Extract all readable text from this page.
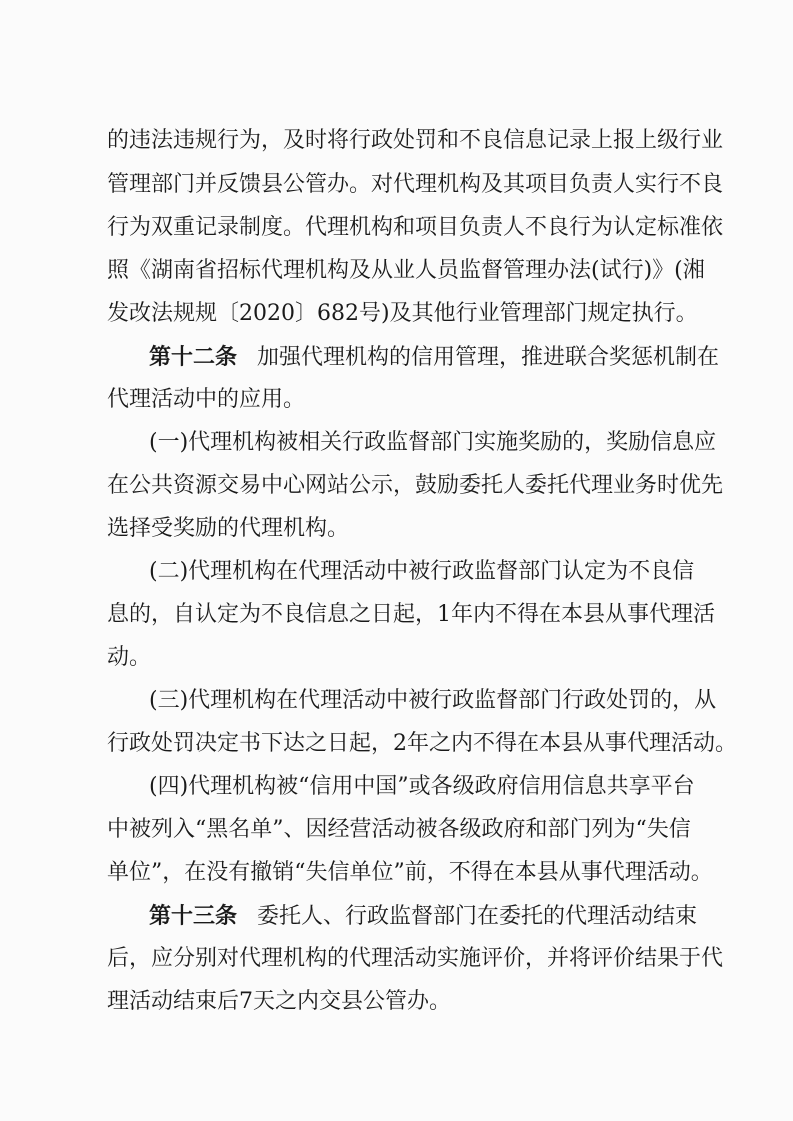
的违法违规行为，及时将行政处罚和不良信息记录上报上级行业
管理部门并反馈县公管办。对代理机构及其项目负责人实行不良
行为双重记录制度。代理机构和项目负责人不良行为认定标准依
照《湖南省招标代理机构及从业人员监督管理办法(试行)》(湘
发改法规规〔2020〕682号)及其他行业管理部门规定执行。
第十二条 加强代理机构的信用管理，推进联合奖惩机制在
代理活动中的应用。
(一)代理机构被相关行政监督部门实施奖励的，奖励信息应
在公共资源交易中心网站公示，鼓励委托人委托代理业务时优先
选择受奖励的代理机构。
(二)代理机构在代理活动中被行政监督部门认定为不良信
息的，自认定为不良信息之日起，1年内不得在本县从事代理活
动。
(三)代理机构在代理活动中被行政监督部门行政处罚的，从
行政处罚决定书下达之日起，2年之内不得在本县从事代理活动。
(四)代理机构被“信用中国”或各级政府信用信息共享平台
中被列入“黑名单”、因经营活动被各级政府和部门列为“失信
单位”，在没有撤销“失信单位”前，不得在本县从事代理活动。
第十三条 委托人、行政监督部门在委托的代理活动结束
后，应分别对代理机构的代理活动实施评价，并将评价结果于代
理活动结束后7天之内交县公管办。
